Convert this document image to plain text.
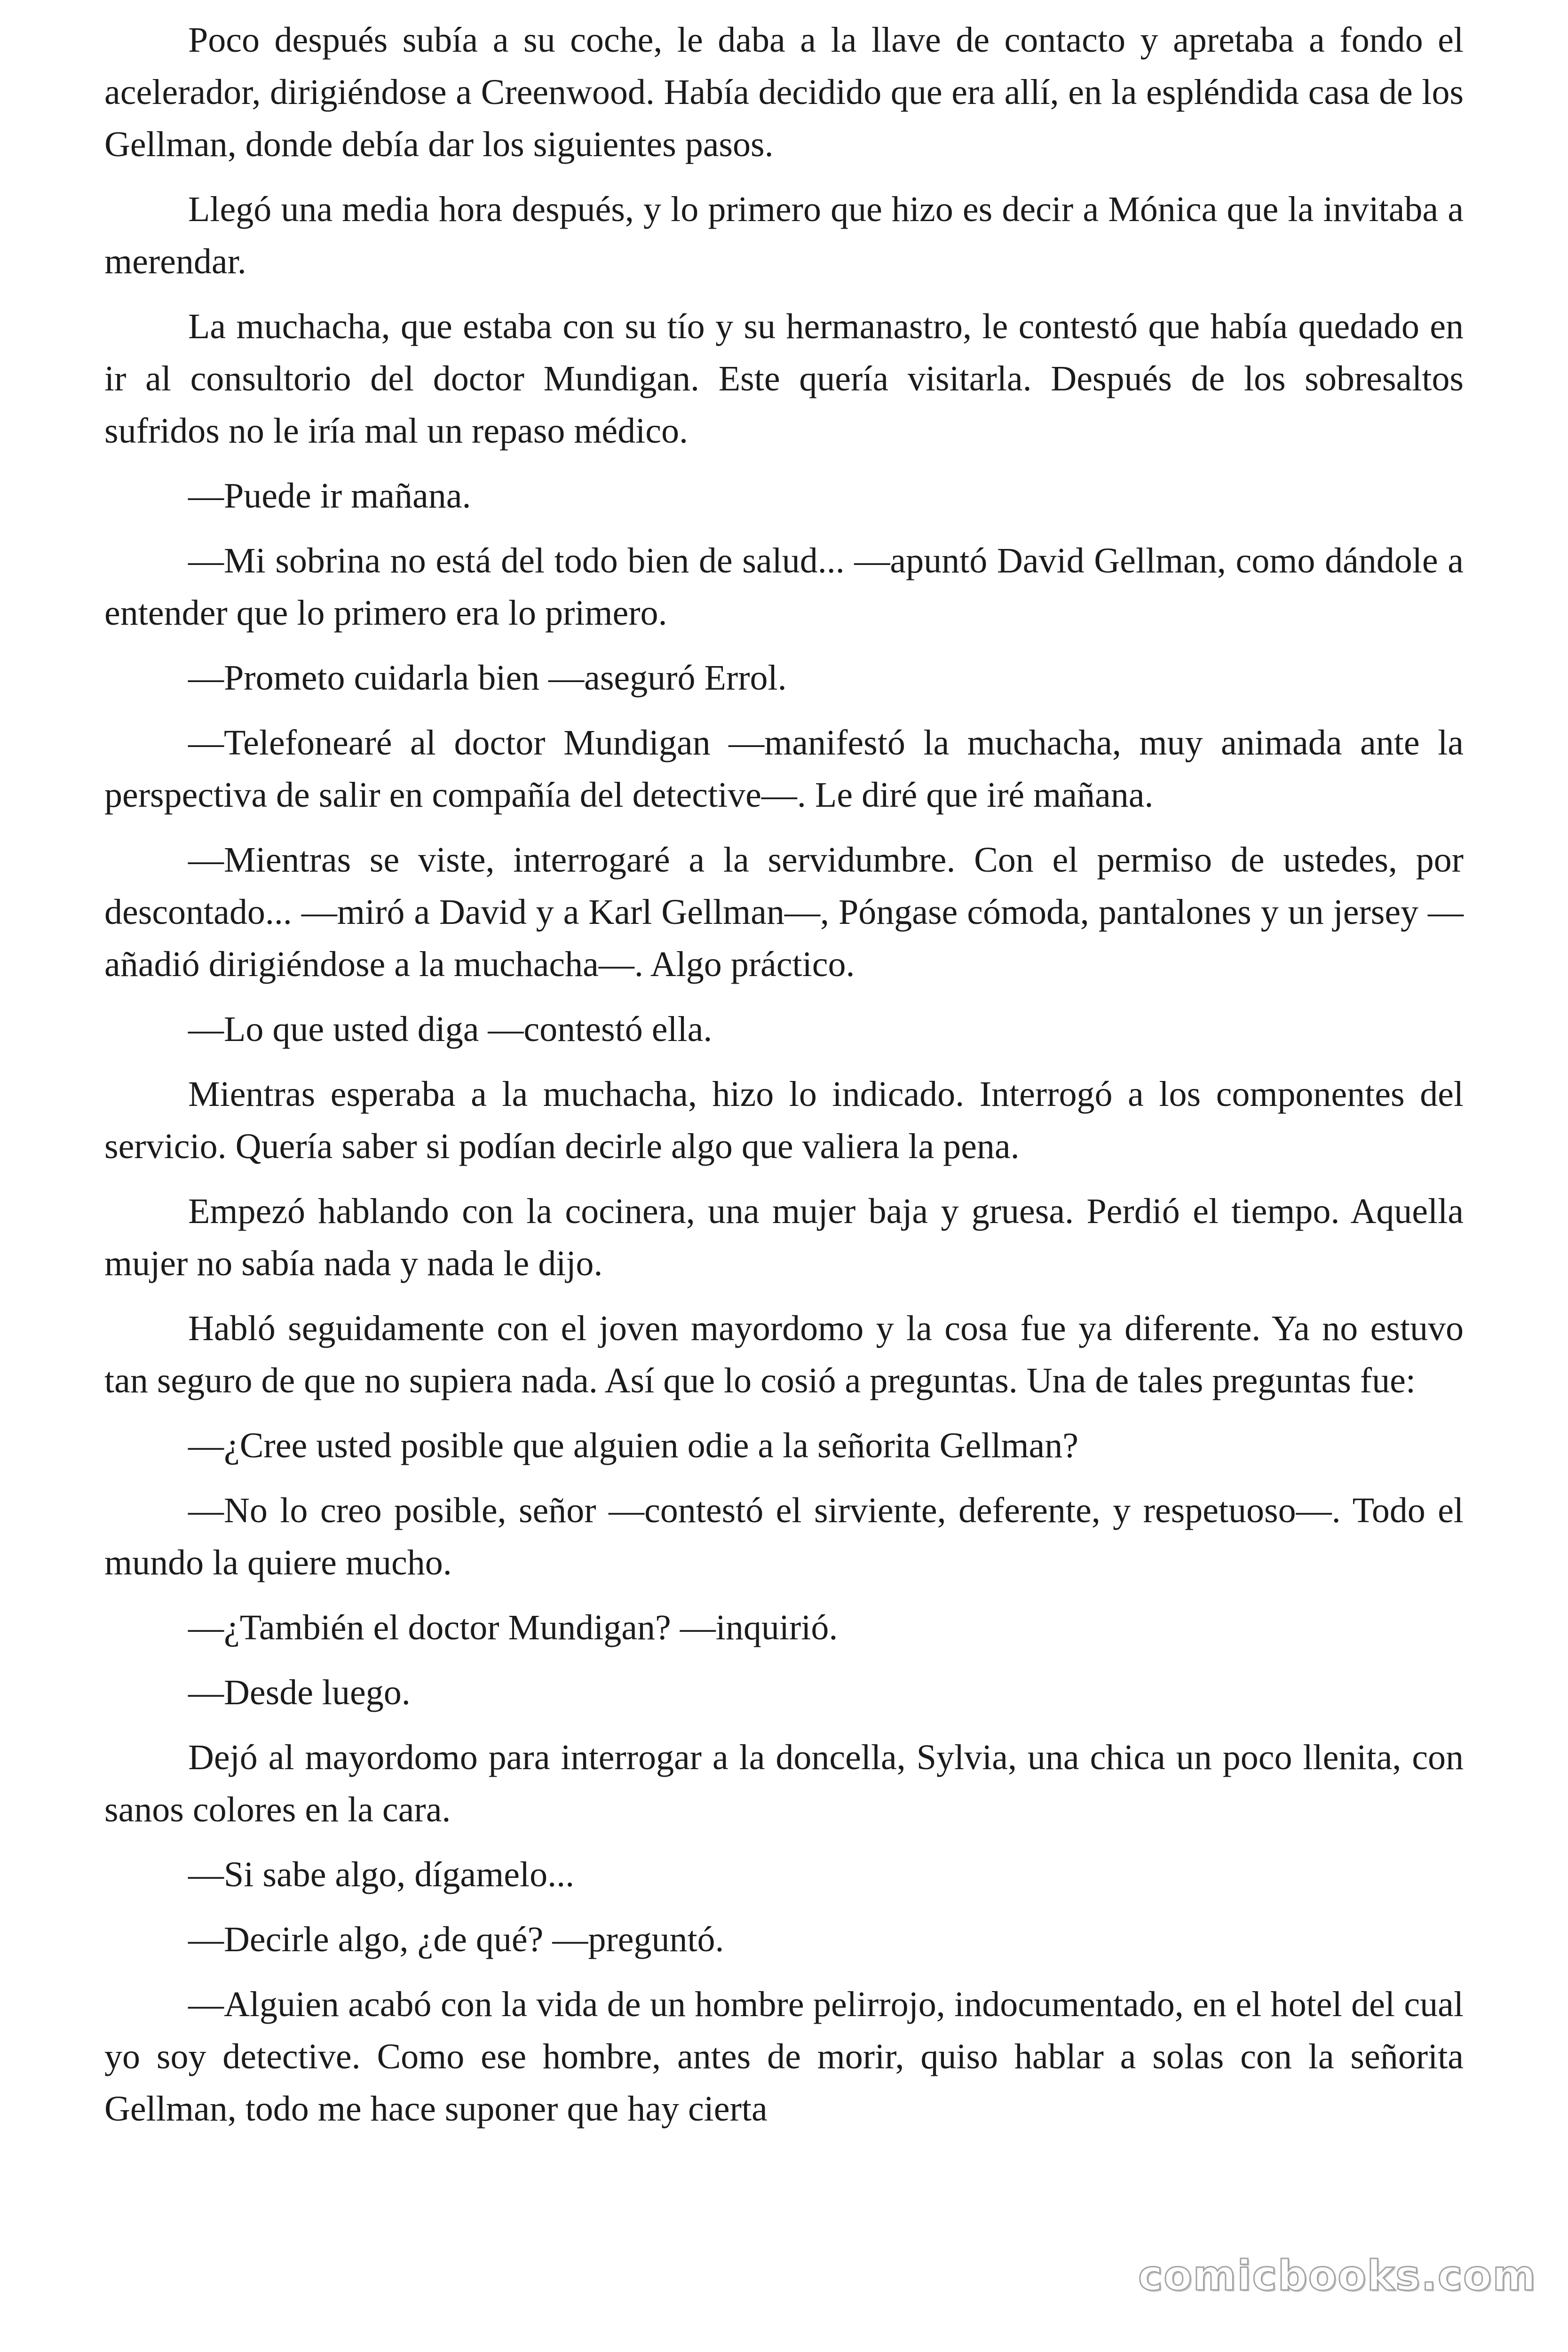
Poco después subía a su coche, le daba a la llave de contacto y apretaba a fondo el acelerador, dirigiéndose a Creenwood. Había decidido que era allí, en la espléndida casa de los Gellman, donde debía dar los siguientes pasos.

Llegó una media hora después, y lo primero que hizo es decir a Mónica que la invitaba a merendar.

La muchacha, que estaba con su tío y su hermanastro, le contestó que había quedado en ir al consultorio del doctor Mundigan. Este quería visitarla. Después de los sobresaltos sufridos no le iría mal un repaso médico.

—Puede ir mañana.

—Mi sobrina no está del todo bien de salud... —apuntó David Gellman, como dándole a entender que lo primero era lo primero.

—Prometo cuidarla bien —aseguró Errol.

—Telefonearé al doctor Mundigan —manifestó la muchacha, muy animada ante la perspectiva de salir en compañía del detective—. Le diré que iré mañana.

—Mientras se viste, interrogaré a la servidumbre. Con el permiso de ustedes, por descontado... —miró a David y a Karl Gellman—, Póngase cómoda, pantalones y un jersey —añadió dirigiéndose a la muchacha—. Algo práctico.

—Lo que usted diga —contestó ella.

Mientras esperaba a la muchacha, hizo lo indicado. Interrogó a los componentes del servicio. Quería saber si podían decirle algo que valiera la pena.

Empezó hablando con la cocinera, una mujer baja y gruesa. Perdió el tiempo. Aquella mujer no sabía nada y nada le dijo.

Habló seguidamente con el joven mayordomo y la cosa fue ya diferente. Ya no estuvo tan seguro de que no supiera nada. Así que lo cosió a preguntas. Una de tales preguntas fue:

—¿Cree usted posible que alguien odie a la señorita Gellman?

—No lo creo posible, señor —contestó el sirviente, deferente, y respetuoso—. Todo el mundo la quiere mucho.

—¿También el doctor Mundigan? —inquirió.

—Desde luego.

Dejó al mayordomo para interrogar a la doncella, Sylvia, una chica un poco llenita, con sanos colores en la cara.

—Si sabe algo, dígamelo...

—Decirle algo, ¿de qué? —preguntó.

—Alguien acabó con la vida de un hombre pelirrojo, indocumentado, en el hotel del cual yo soy detective. Como ese hombre, antes de morir, quiso hablar a solas con la señorita Gellman, todo me hace suponer que hay cierta

comicbooks.com
